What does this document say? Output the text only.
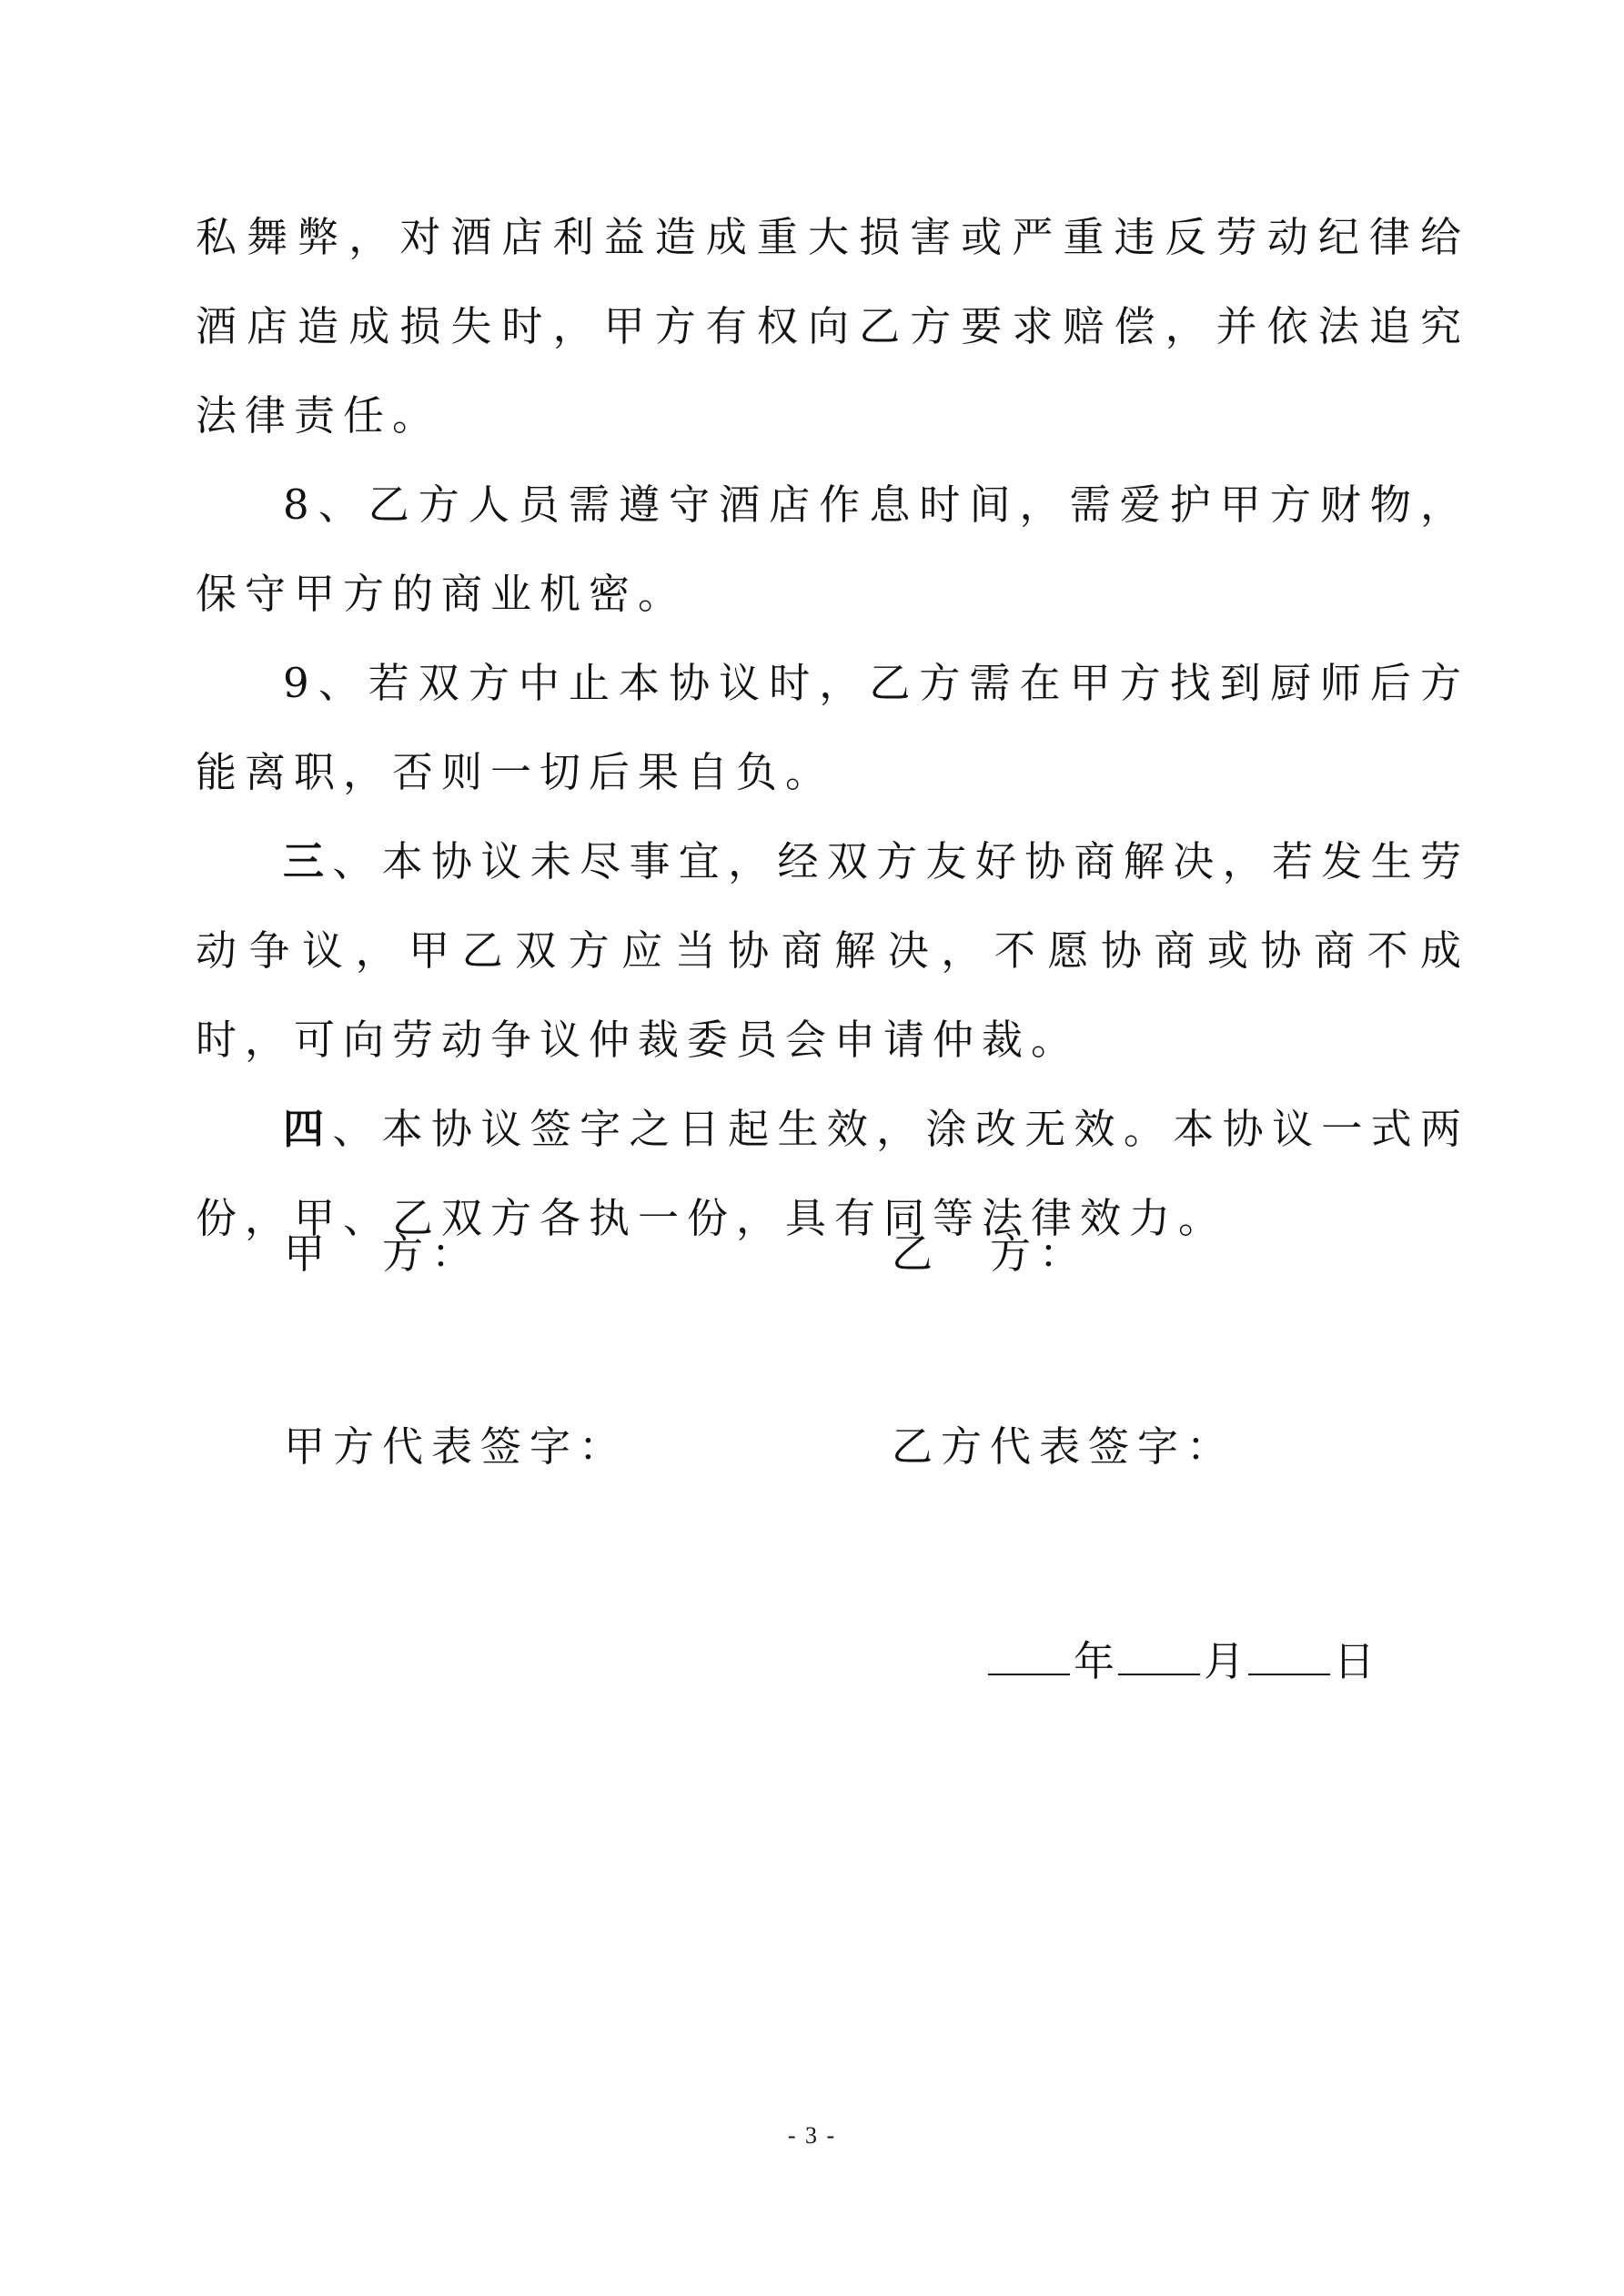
私舞弊，对酒店利益造成重大损害或严重违反劳动纪律给酒店造成损失时，甲方有权向乙方要求赔偿，并依法追究法律责任。

8、乙方人员需遵守酒店作息时间，需爱护甲方财物，保守甲方的商业机密。

9、若双方中止本协议时，乙方需在甲方找到厨师后方能离职，否则一切后果自负。

三、本协议未尽事宜，经双方友好协商解决，若发生劳动争议，甲乙双方应当协商解决，不愿协商或协商不成时，可向劳动争议仲裁委员会申请仲裁。

四、本协议签字之日起生效，涂改无效。本协议一式两份，甲、乙双方各执一份，具有同等法律效力。

甲　方：	乙　方：
甲方代表签字：	乙方代表签字：
年 月 日
- 3 -
